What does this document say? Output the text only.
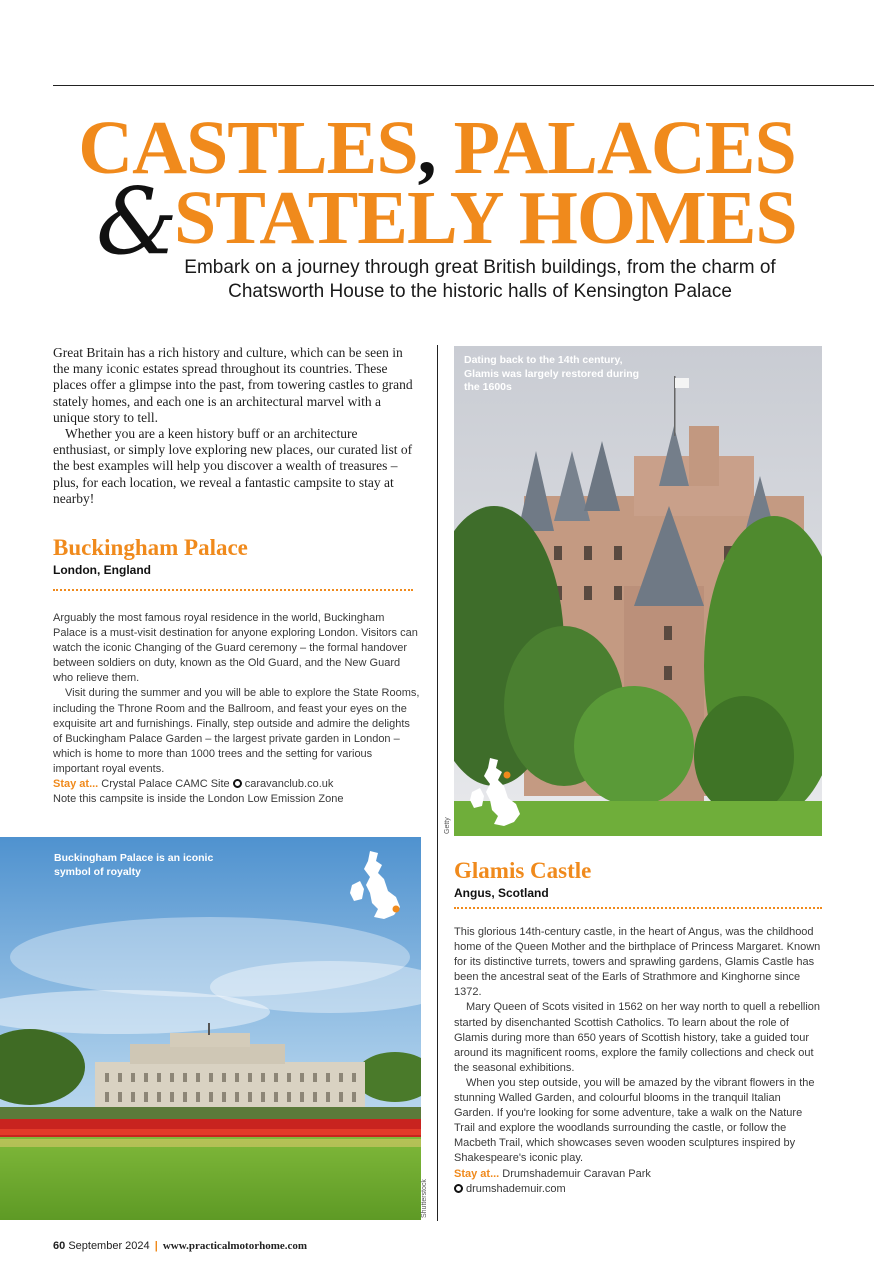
CASTLES, PALACES
&
STATELY HOMES
Embark on a journey through great British buildings, from the charm of Chatsworth House to the historic halls of Kensington Palace

Great Britain has a rich history and culture, which can be seen in the many iconic estates spread throughout its countries. These places offer a glimpse into the past, from towering castles to grand stately homes, and each one is an architectural marvel with a unique story to tell.

Whether you are a keen history buff or an architecture enthusiast, or simply love exploring new places, our curated list of the best examples will help you discover a wealth of treasures – plus, for each location, we reveal a fantastic campsite to stay at nearby!

Buckingham Palace
London, England

Arguably the most famous royal residence in the world, Buckingham Palace is a must-visit destination for anyone exploring London. Visitors can watch the iconic Changing of the Guard ceremony – the formal handover between soldiers on duty, known as the Old Guard, and the New Guard who relieve them.

Visit during the summer and you will be able to explore the State Rooms, including the Throne Room and the Ballroom, and feast your eyes on the exquisite art and furnishings. Finally, step outside and admire the delights of Buckingham Palace Garden – the largest private garden in London – which is home to more than 1000 trees and the setting for various important royal events.

Stay at... Crystal Palace CAMC Site caravanclub.co.uk

Note this campsite is inside the London Low Emission Zone

Buckingham Palace is an iconic symbol of royalty
Shutterstock
Dating back to the 14th century, Glamis was largely restored during the 1600s
Getty
Glamis Castle
Angus, Scotland

This glorious 14th-century castle, in the heart of Angus, was the childhood home of the Queen Mother and the birthplace of Princess Margaret. Known for its distinctive turrets, towers and sprawling gardens, Glamis Castle has been the ancestral seat of the Earls of Strathmore and Kinghorne since 1372.

Mary Queen of Scots visited in 1562 on her way north to quell a rebellion started by disenchanted Scottish Catholics. To learn about the role of Glamis during more than 650 years of Scottish history, take a guided tour around its magnificent rooms, explore the family collections and check out the seasonal exhibitions.

When you step outside, you will be amazed by the vibrant flowers in the stunning Walled Garden, and colourful blooms in the tranquil Italian Garden. If you're looking for some adventure, take a walk on the Nature Trail and explore the woodlands surrounding the castle, or follow the Macbeth Trail, which showcases seven wooden sculptures inspired by Shakespeare's iconic play.

Stay at... Drumshademuir Caravan Park

drumshademuir.com

60 September 2024 | www.practicalmotorhome.com
